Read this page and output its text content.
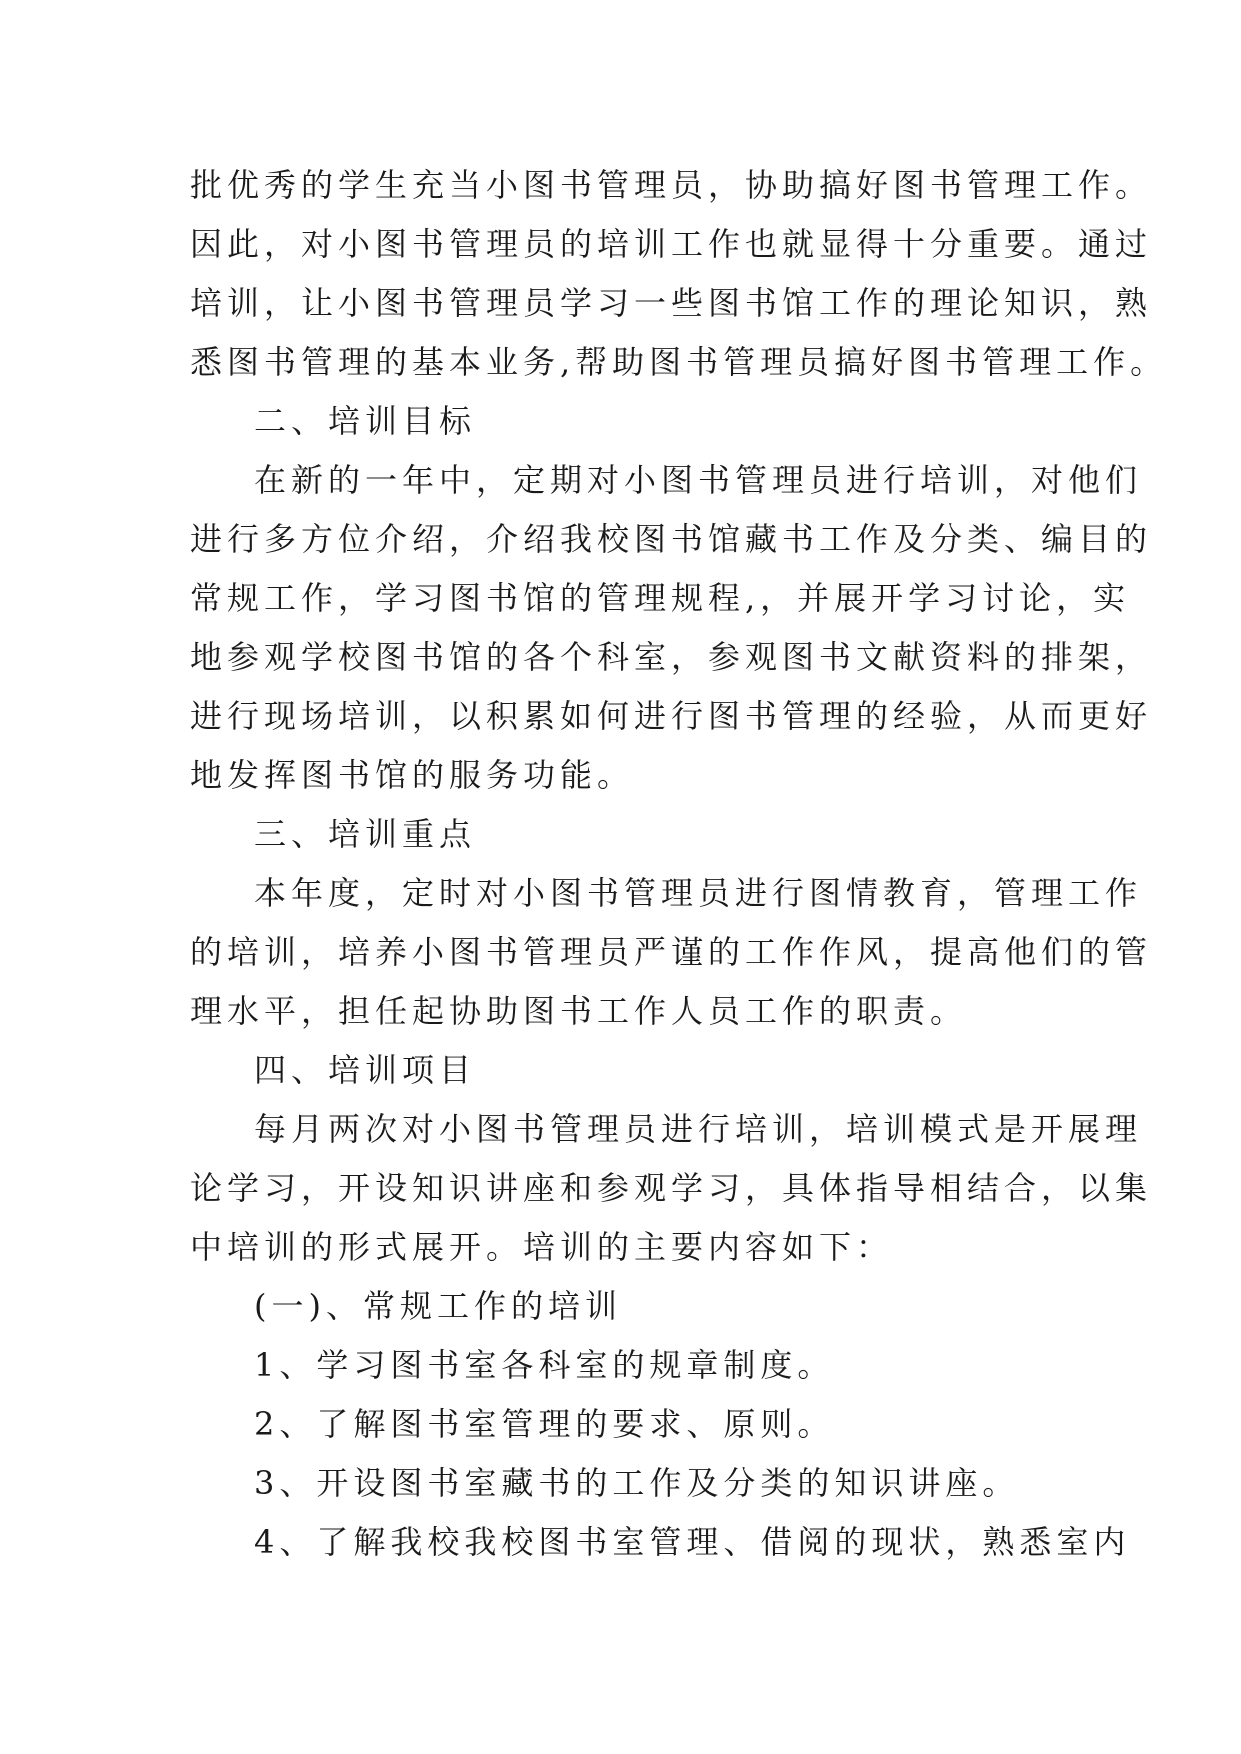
批优秀的学生充当小图书管理员，协助搞好图书管理工作。
因此，对小图书管理员的培训工作也就显得十分重要。通过
培训，让小图书管理员学习一些图书馆工作的理论知识，熟
悉图书管理的基本业务,帮助图书管理员搞好图书管理工作。
二、培训目标
在新的一年中，定期对小图书管理员进行培训，对他们
进行多方位介绍，介绍我校图书馆藏书工作及分类、编目的
常规工作，学习图书馆的管理规程,，并展开学习讨论，实
地参观学校图书馆的各个科室，参观图书文献资料的排架，
进行现场培训，以积累如何进行图书管理的经验，从而更好
地发挥图书馆的服务功能。
三、培训重点
本年度，定时对小图书管理员进行图情教育，管理工作
的培训，培养小图书管理员严谨的工作作风，提高他们的管
理水平，担任起协助图书工作人员工作的职责。
四、培训项目
每月两次对小图书管理员进行培训，培训模式是开展理
论学习，开设知识讲座和参观学习，具体指导相结合，以集
中培训的形式展开。培训的主要内容如下：
(一)、常规工作的培训
1、学习图书室各科室的规章制度。
2、了解图书室管理的要求、原则。
3、开设图书室藏书的工作及分类的知识讲座。
4、了解我校我校图书室管理、借阅的现状，熟悉室内
